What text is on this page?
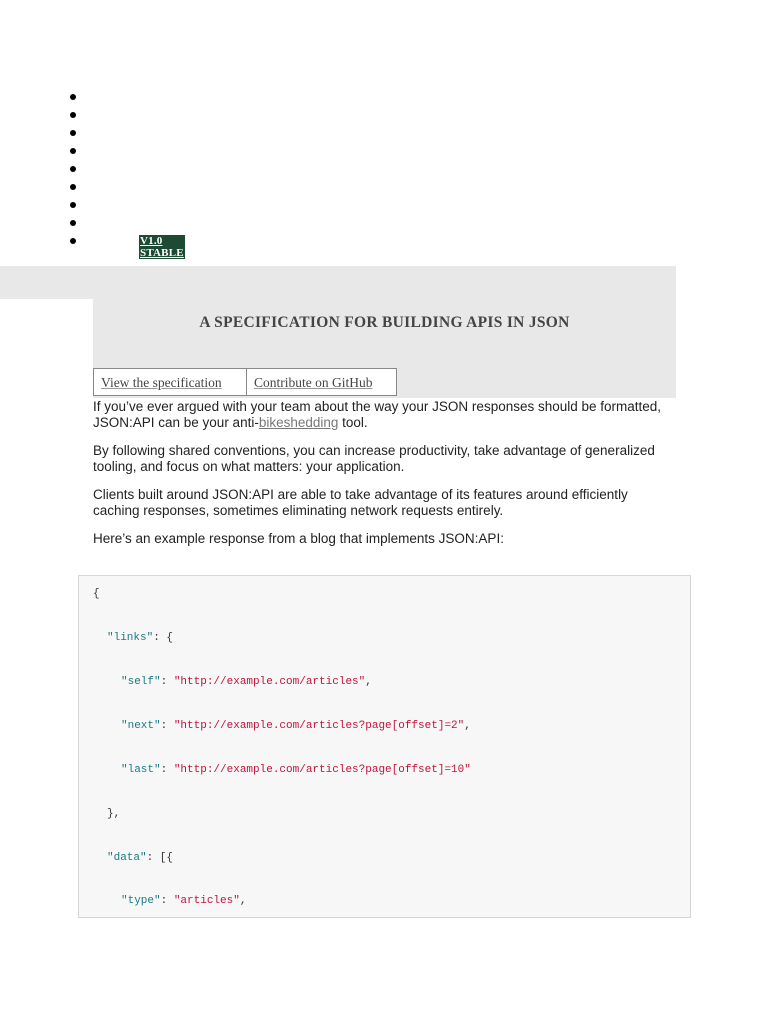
V1.0 STABLE
A SPECIFICATION FOR BUILDING APIS IN JSON
View the specification	Contribute on GitHub

If you’ve ever argued with your team about the way your JSON responses should be formatted, JSON:API can be your anti-bikeshedding tool.

By following shared conventions, you can increase productivity, take advantage of generalized tooling, and focus on what matters: your application.

Clients built around JSON:API are able to take advantage of its features around efficiently caching responses, sometimes eliminating network requests entirely.

Here’s an example response from a blog that implements JSON:API:

{
"links": {
"self": "http://example.com/articles",
"next": "http://example.com/articles?page[offset]=2",
"last": "http://example.com/articles?page[offset]=10"
},
"data": [{
"type": "articles",
